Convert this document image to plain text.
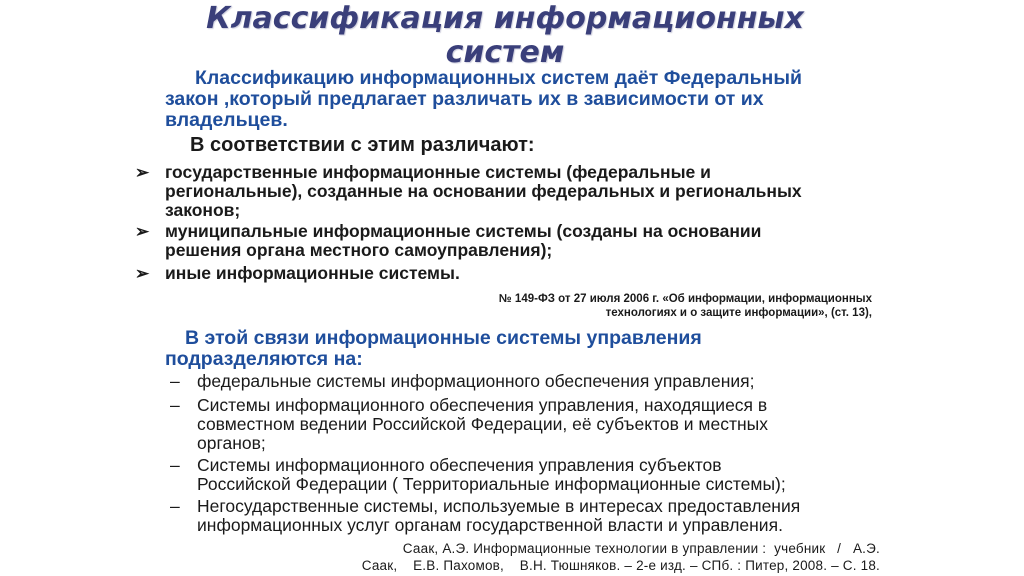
Классификация информационных
систем
Классификацию информационных систем даёт Федеральный
закон ,который предлагает различать их в зависимости от их
владельцев.
В соответствии с этим различают:
➢ государственные информационные системы (федеральные и
региональные), созданные на основании федеральных и региональных
законов;
➢ муниципальные информационные системы (созданы на основании
решения органа местного самоуправления);
➢ иные информационные системы.
№ 149-ФЗ от 27 июля 2006 г. «Об информации, информационных
технологиях и о защите информации», (ст. 13),
В этой связи информационные системы управления
подразделяются на:
– федеральные системы информационного обеспечения управления;
– Системы информационного обеспечения управления, находящиеся в
совместном ведении Российской Федерации, её субъектов и местных
органов;
– Системы информационного обеспечения управления субъектов
Российской Федерации ( Территориальные информационные системы);
– Негосударственные системы, используемые в интересах предоставления
информационных услуг органам государственной власти и управления.
Саак, А.Э. Информационные технологии в управлении :  учебник   /   А.Э.
Саак,    Е.В. Пахомов,    В.Н. Тюшняков. – 2-е изд. – СПб. : Питер, 2008. – С. 18.
